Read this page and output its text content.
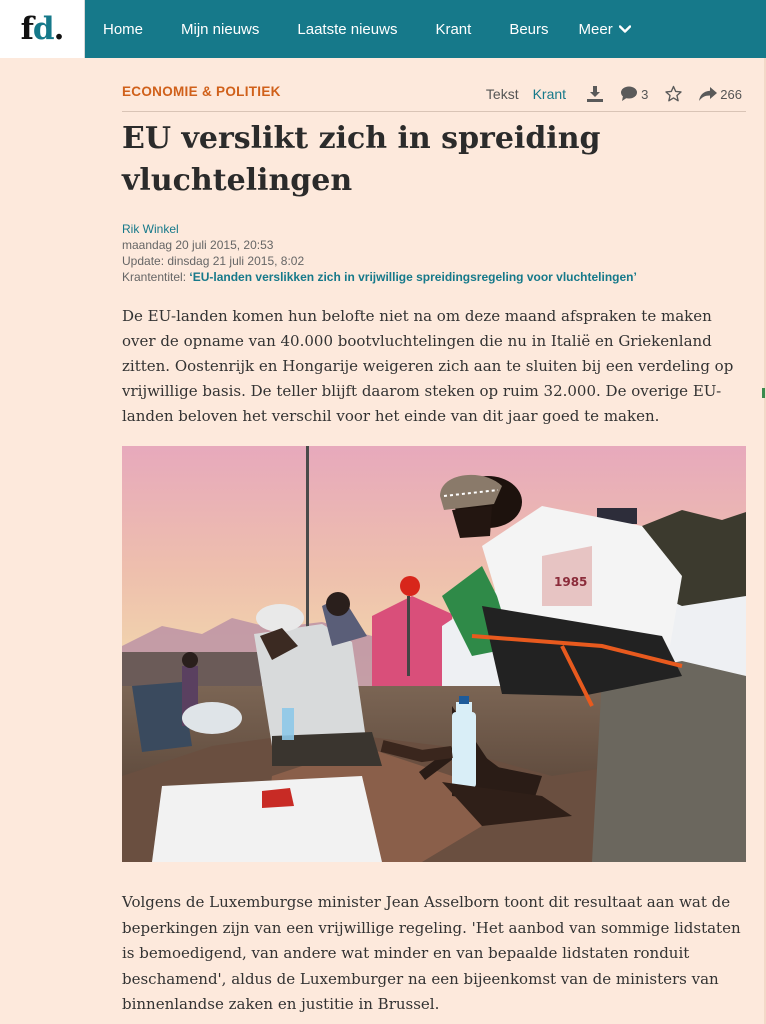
fd.	Home	Mijn nieuws	Laatste nieuws	Krant	Beurs Meer
ECONOMIE & POLITIEK	Tekst Krant	3	266
EU verslikt zich in spreiding vluchtelingen
Rik Winkel
maandag 20 juli 2015, 20:53
Update: dinsdag 21 juli 2015, 8:02
Krantentitel: ‘EU-landen verslikken zich in vrijwillige spreidingsregeling voor vluchtelingen’

De EU-landen komen hun belofte niet na om deze maand afspraken te maken over de opname van 40.000 bootvluchtelingen die nu in Italië en Griekenland zitten. Oostenrijk en Hongarije weigeren zich aan te sluiten bij een verdeling op vrijwillige basis. De teller blijft daarom steken op ruim 32.000. De overige EU-landen beloven het verschil voor het einde van dit jaar goed te maken.

1985

Volgens de Luxemburgse minister Jean Asselborn toont dit resultaat aan wat de beperkingen zijn van een vrijwillige regeling. 'Het aanbod van sommige lidstaten is bemoedigend, van andere wat minder en van bepaalde lidstaten ronduit beschamend', aldus de Luxemburger na een bijeenkomst van de ministers van binnenlandse zaken en justitie in Brussel.
